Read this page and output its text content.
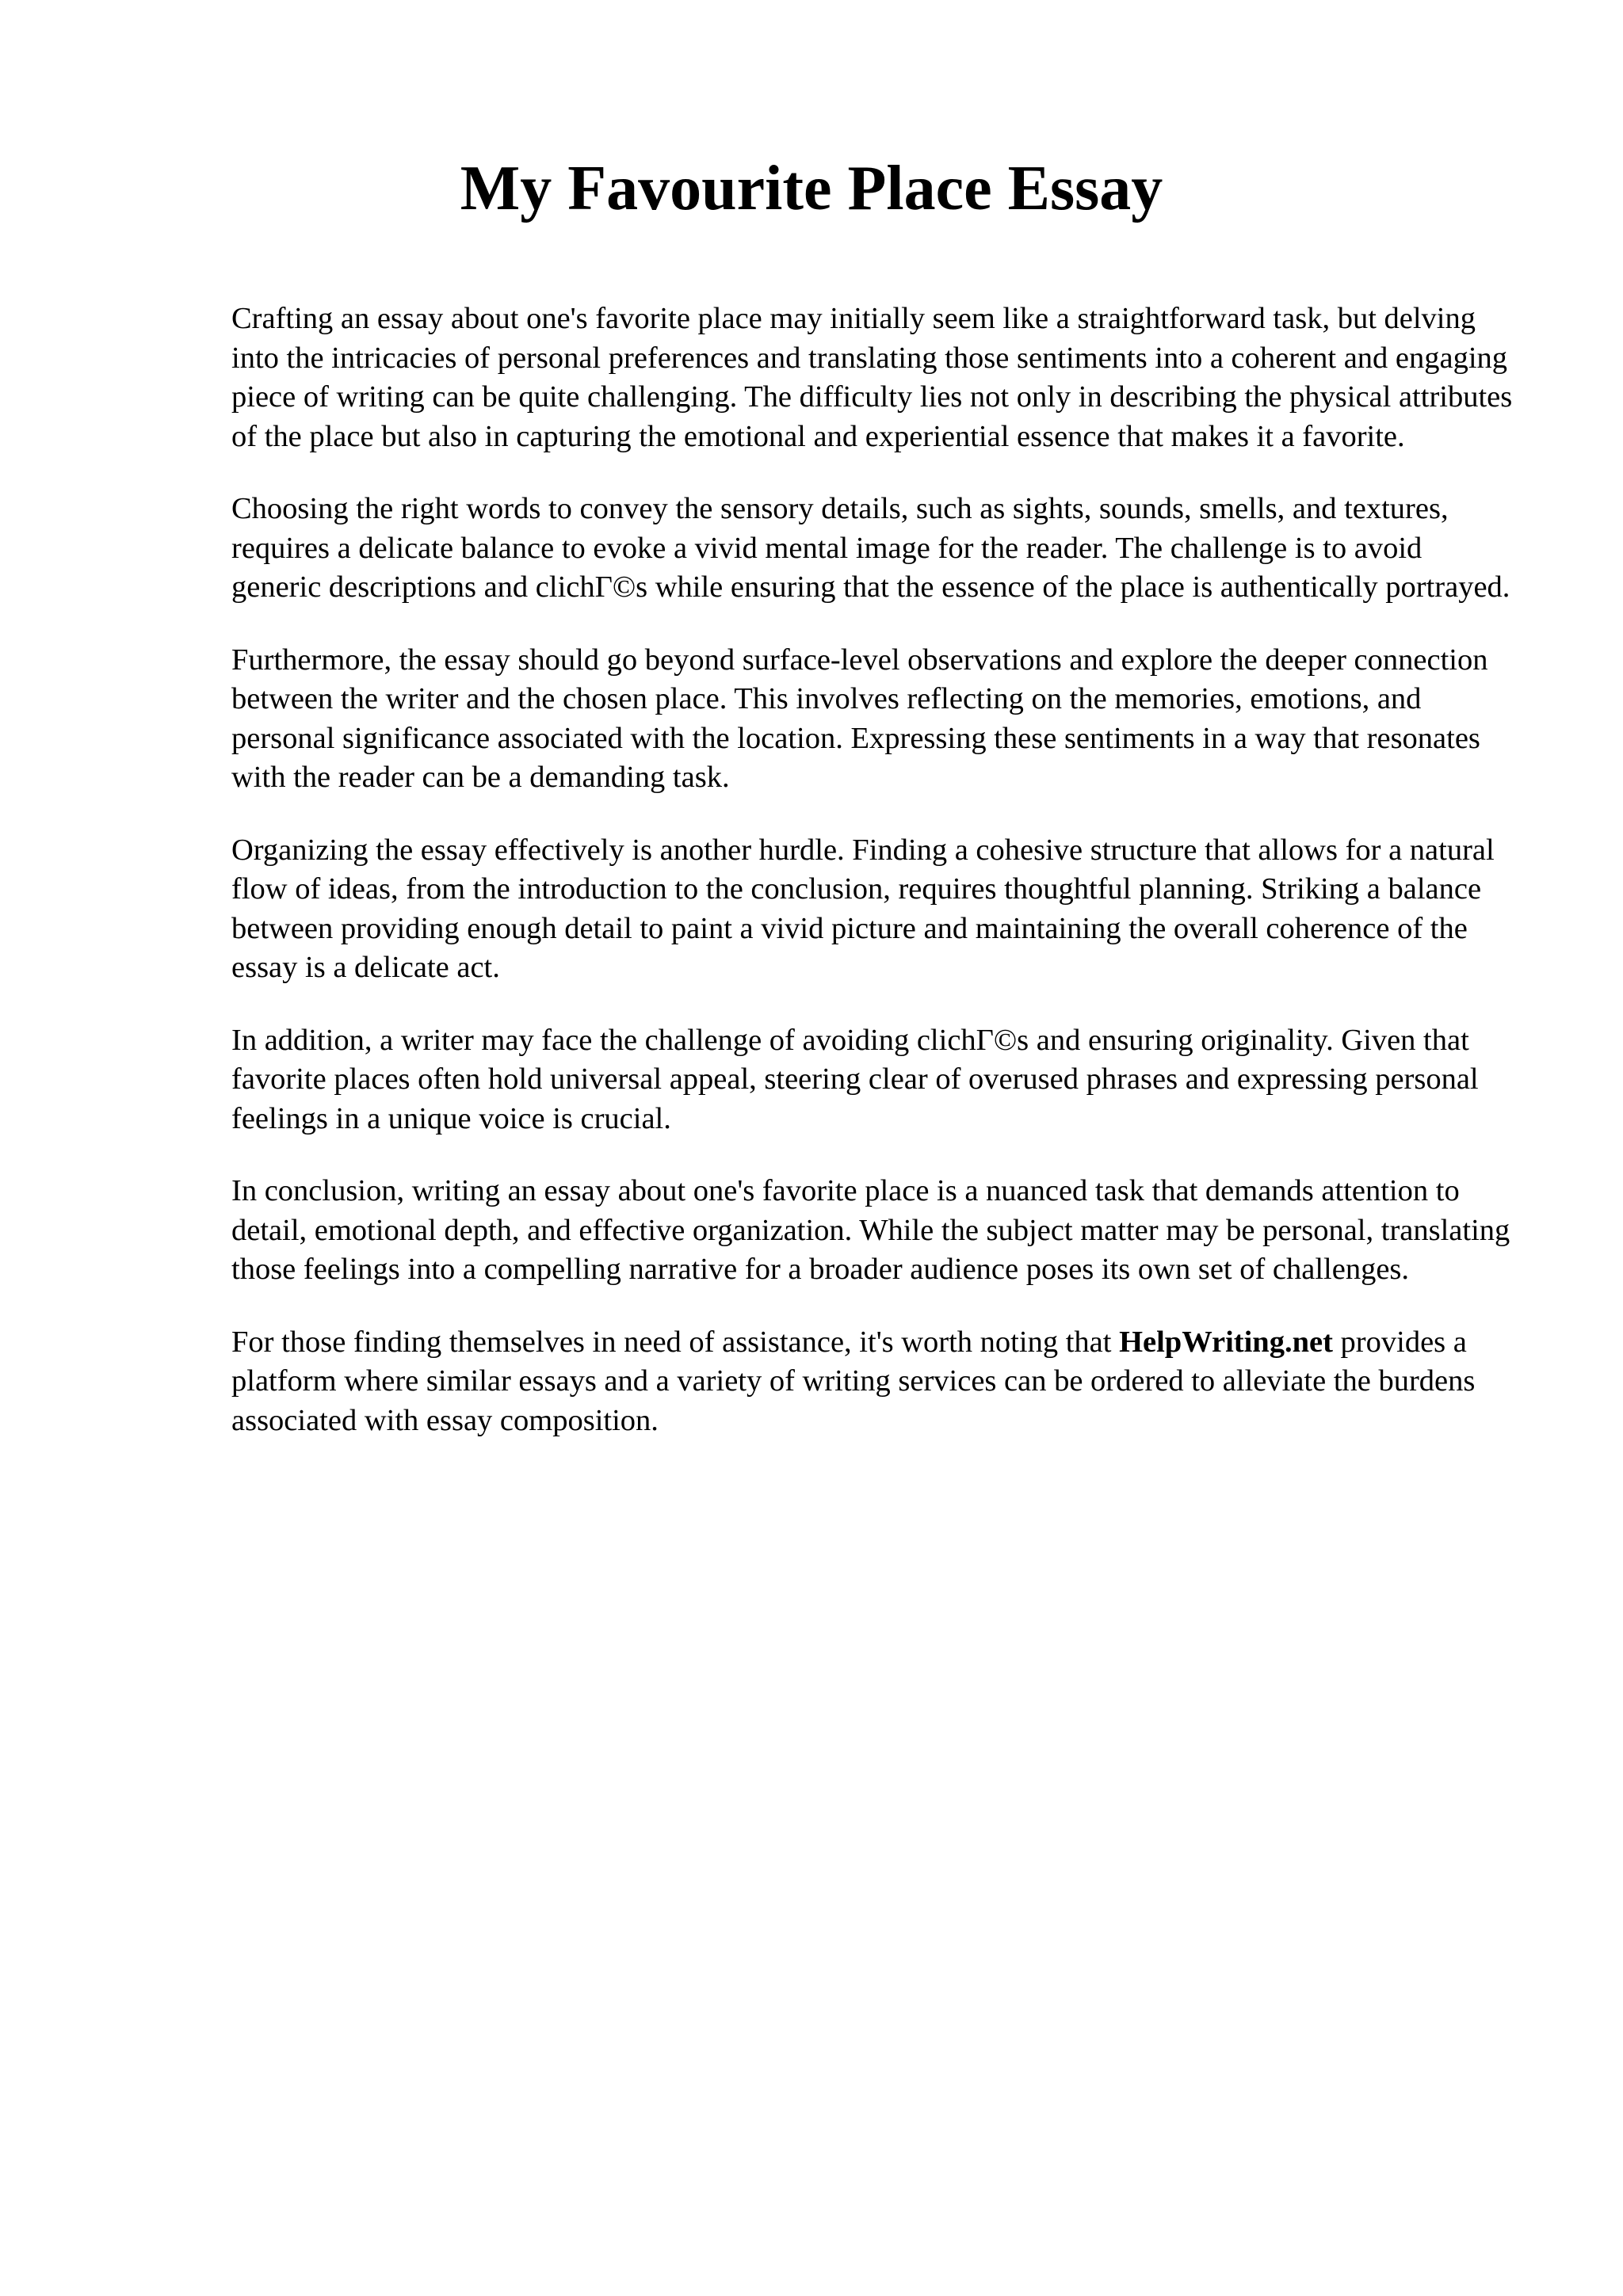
My Favourite Place Essay

Crafting an essay about one's favorite place may initially seem like a straightforward task, but delving into the intricacies of personal preferences and translating those sentiments into a coherent and engaging piece of writing can be quite challenging. The difficulty lies not only in describing the physical attributes of the place but also in capturing the emotional and experiential essence that makes it a favorite.

Choosing the right words to convey the sensory details, such as sights, sounds, smells, and textures, requires a delicate balance to evoke a vivid mental image for the reader. The challenge is to avoid generic descriptions and clichГ©s while ensuring that the essence of the place is authentically portrayed.

Furthermore, the essay should go beyond surface-level observations and explore the deeper connection between the writer and the chosen place. This involves reflecting on the memories, emotions, and personal significance associated with the location. Expressing these sentiments in a way that resonates with the reader can be a demanding task.

Organizing the essay effectively is another hurdle. Finding a cohesive structure that allows for a natural flow of ideas, from the introduction to the conclusion, requires thoughtful planning. Striking a balance between providing enough detail to paint a vivid picture and maintaining the overall coherence of the essay is a delicate act.

In addition, a writer may face the challenge of avoiding clichГ©s and ensuring originality. Given that favorite places often hold universal appeal, steering clear of overused phrases and expressing personal feelings in a unique voice is crucial.

In conclusion, writing an essay about one's favorite place is a nuanced task that demands attention to detail, emotional depth, and effective organization. While the subject matter may be personal, translating those feelings into a compelling narrative for a broader audience poses its own set of challenges.

For those finding themselves in need of assistance, it's worth noting that HelpWriting.net provides a platform where similar essays and a variety of writing services can be ordered to alleviate the burdens associated with essay composition.
